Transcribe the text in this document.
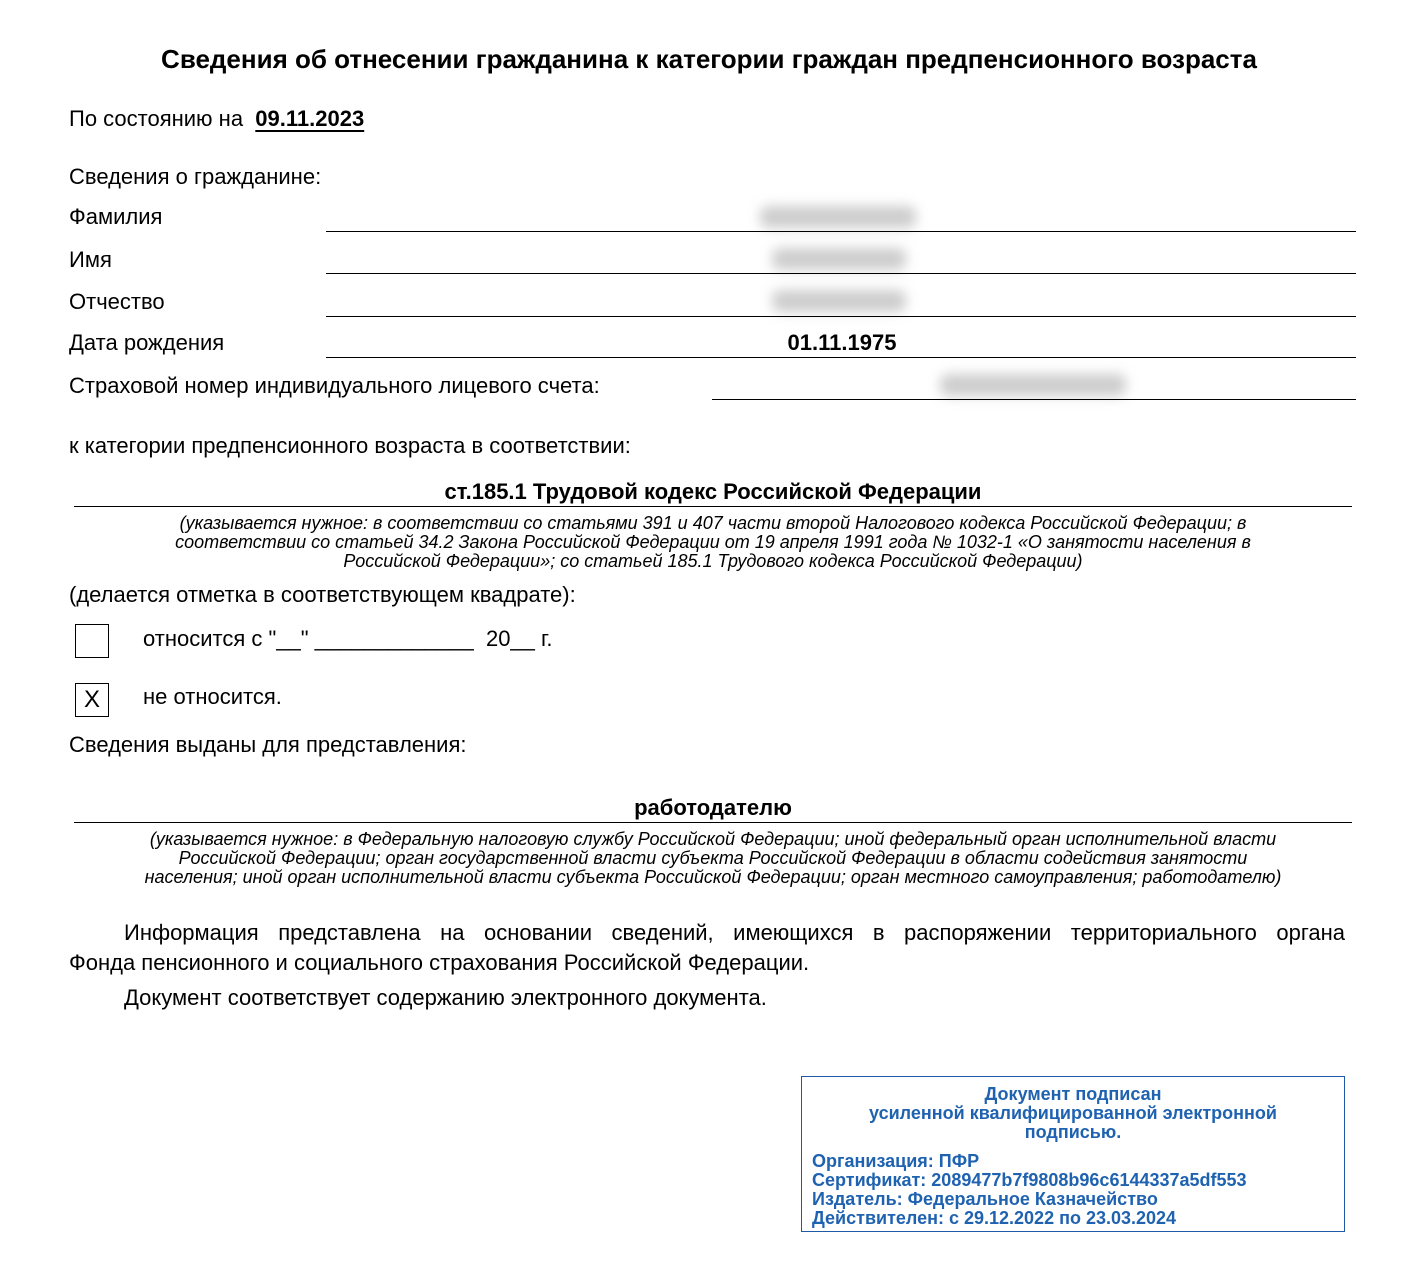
Сведения об отнесении гражданина к категории граждан предпенсионного возраста
По состоянию на 09.11.2023
Сведения о гражданине:
Фамилия
Имя
Отчество
Дата рождения	01.11.1975
Страховой номер индивидуального лицевого счета:
к категории предпенсионного возраста в соответствии:
ст.185.1 Трудовой кодекс Российской Федерации
(указывается нужное: в соответствии со статьями 391 и 407 части второй Налогового кодекса Российской Федерации; в
соответствии со статьей 34.2 Закона Российской Федерации от 19 апреля 1991 года № 1032-1 «О занятости населения в
Российской Федерации»; со статьей 185.1 Трудового кодекса Российской Федерации)
(делается отметка в соответствующем квадрате):
относится с "__" _____________  20__ г.
X	не относится.
Сведения выданы для представления:
работодателю
(указывается нужное: в Федеральную налоговую службу Российской Федерации; иной федеральный орган исполнительной власти
Российской Федерации; орган государственной власти субъекта Российской Федерации в области содействия занятости
населения; иной орган исполнительной власти субъекта Российской Федерации; орган местного самоуправления; работодателю)
Информация представлена на основании сведений, имеющихся в распоряжении территориального органа
Фонда пенсионного и социального страхования Российской Федерации.
Документ соответствует содержанию электронного документа.
Документ подписан
усиленной квалифицированной электронной
подписью.
Организация: ПФР
Сертификат: 2089477b7f9808b96c6144337a5df553
Издатель: Федеральное Казначейство
Действителен: с 29.12.2022 по 23.03.2024
